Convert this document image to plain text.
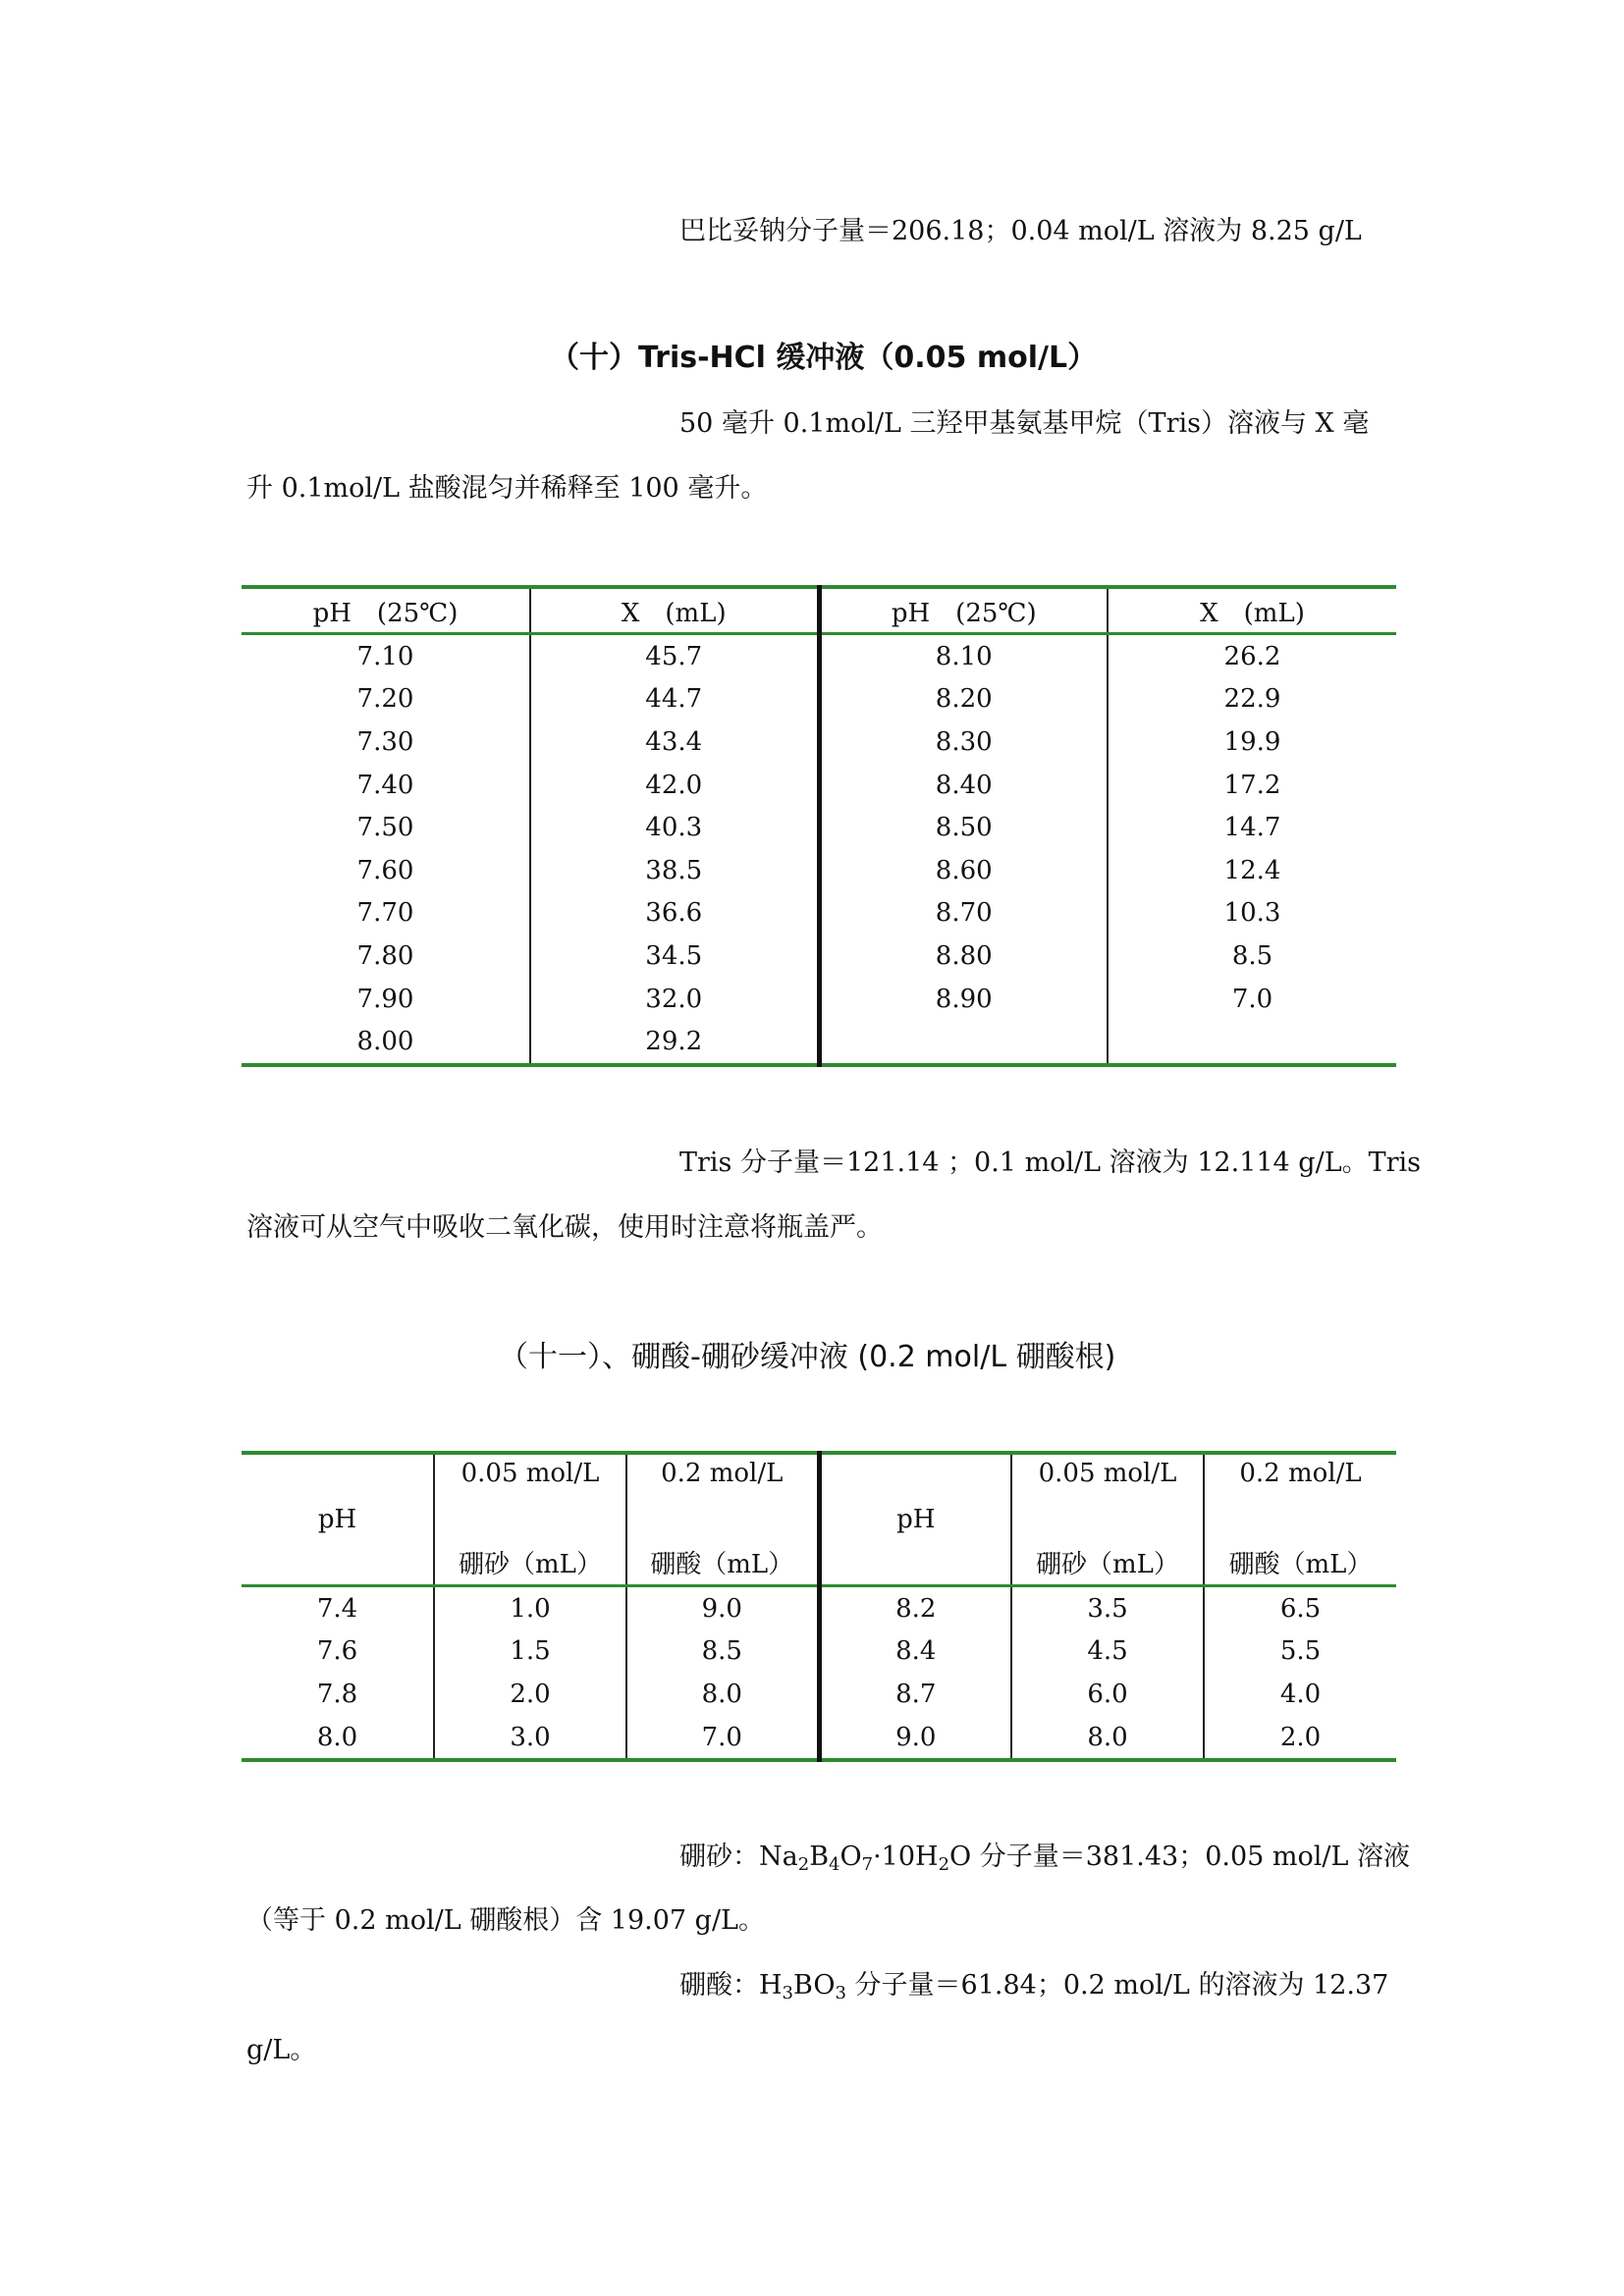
巴比妥钠分子量＝206.18；0.04 mol/L 溶液为 8.25 g/L
（十）Tris-HCl 缓冲液（0.05 mol/L）
50 毫升 0.1mol/L 三羟甲基氨基甲烷（Tris）溶液与 X 毫
升 0.1mol/L 盐酸混匀并稀释至 100 毫升。
pH　(25℃)	X　(mL)	pH　(25℃)	X　(mL)
7.10	45.7	8.10	26.2
7.20	44.7	8.20	22.9
7.30	43.4	8.30	19.9
7.40	42.0	8.40	17.2
7.50	40.3	8.50	14.7
7.60	38.5	8.60	12.4
7.70	36.6	8.70	10.3
7.80	34.5	8.80	8.5
7.90	32.0	8.90	7.0
8.00	29.2		
Tris 分子量＝121.14 ；0.1 mol/L 溶液为 12.114 g/L。Tris
溶液可从空气中吸收二氧化碳，使用时注意将瓶盖严。
（十一）、硼酸-硼砂缓冲液 (0.2 mol/L 硼酸根)
pH	0.05 mol/L	0.2 mol/L	pH	0.05 mol/L	0.2 mol/L
	硼砂（mL）	硼酸（mL）		硼砂（mL）	硼酸（mL）
7.4	1.0	9.0	8.2	3.5	6.5
7.6	1.5	8.5	8.4	4.5	5.5
7.8	2.0	8.0	8.7	6.0	4.0
8.0	3.0	7.0	9.0	8.0	2.0
硼砂：$Na_2B_4O_7\cdot 10H_2O$ 分子量＝381.43；0.05 mol/L 溶液
（等于 0.2 mol/L 硼酸根）含 19.07 g/L。
硼酸：$H_3BO_3$ 分子量＝61.84；0.2 mol/L 的溶液为 12.37
g/L。
